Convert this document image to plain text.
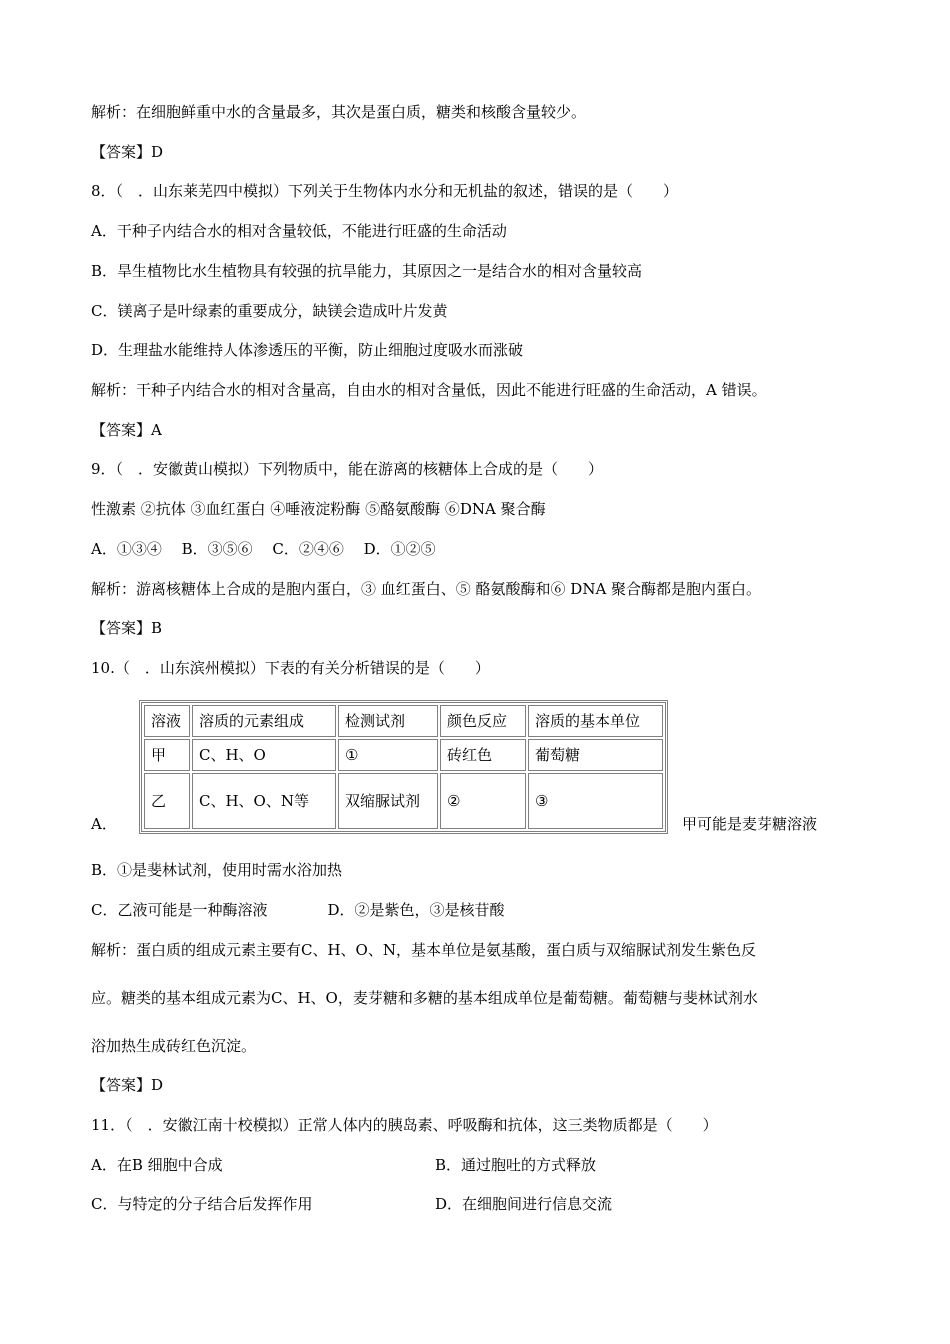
解析：在细胞鲜重中水的含量最多，其次是蛋白质，糖类和核酸含量较少。
【答案】D
8．（　．山东莱芜四中模拟）下列关于生物体内水分和无机盐的叙述，错误的是（　　）
A．干种子内结合水的相对含量较低，不能进行旺盛的生命活动
B．旱生植物比水生植物具有较强的抗旱能力，其原因之一是结合水的相对含量较高
C．镁离子是叶绿素的重要成分，缺镁会造成叶片发黄
D．生理盐水能维持人体渗透压的平衡，防止细胞过度吸水而涨破
解析：干种子内结合水的相对含量高，自由水的相对含量低，因此不能进行旺盛的生命活动，A 错误。
【答案】A
9．（　．安徽黄山模拟）下列物质中，能在游离的核糖体上合成的是（　　）
性激素 ②抗体 ③血红蛋白 ④唾液淀粉酶 ⑤酪氨酸酶 ⑥DNA 聚合酶
A．①③④　 B．③⑤⑥　 C．②④⑥　 D．①②⑤
解析：游离核糖体上合成的是胞内蛋白，③ 血红蛋白、⑤ 酪氨酸酶和⑥ DNA 聚合酶都是胞内蛋白。
【答案】B
10.（　．山东滨州模拟）下表的有关分析错误的是（　　）
溶液	溶质的元素组成	检测试剂	颜色反应	溶质的基本单位
甲	C、H、O	①	砖红色	葡萄糖
乙	C、H、O、N等	双缩脲试剂	②	③
A．	甲可能是麦芽糖溶液
B．①是斐林试剂，使用时需水浴加热
C．乙液可能是一种酶溶液　　　　D．②是紫色，③是核苷酸
解析：蛋白质的组成元素主要有C、H、O、N，基本单位是氨基酸，蛋白质与双缩脲试剂发生紫色反
应。糖类的基本组成元素为C、H、O，麦芽糖和多糖的基本组成单位是葡萄糖。葡萄糖与斐林试剂水
浴加热生成砖红色沉淀。
【答案】D
11．（　．安徽江南十校模拟）正常人体内的胰岛素、呼吸酶和抗体，这三类物质都是（　　）
A．在B 细胞中合成	B．通过胞吐的方式释放
C．与特定的分子结合后发挥作用	D．在细胞间进行信息交流
